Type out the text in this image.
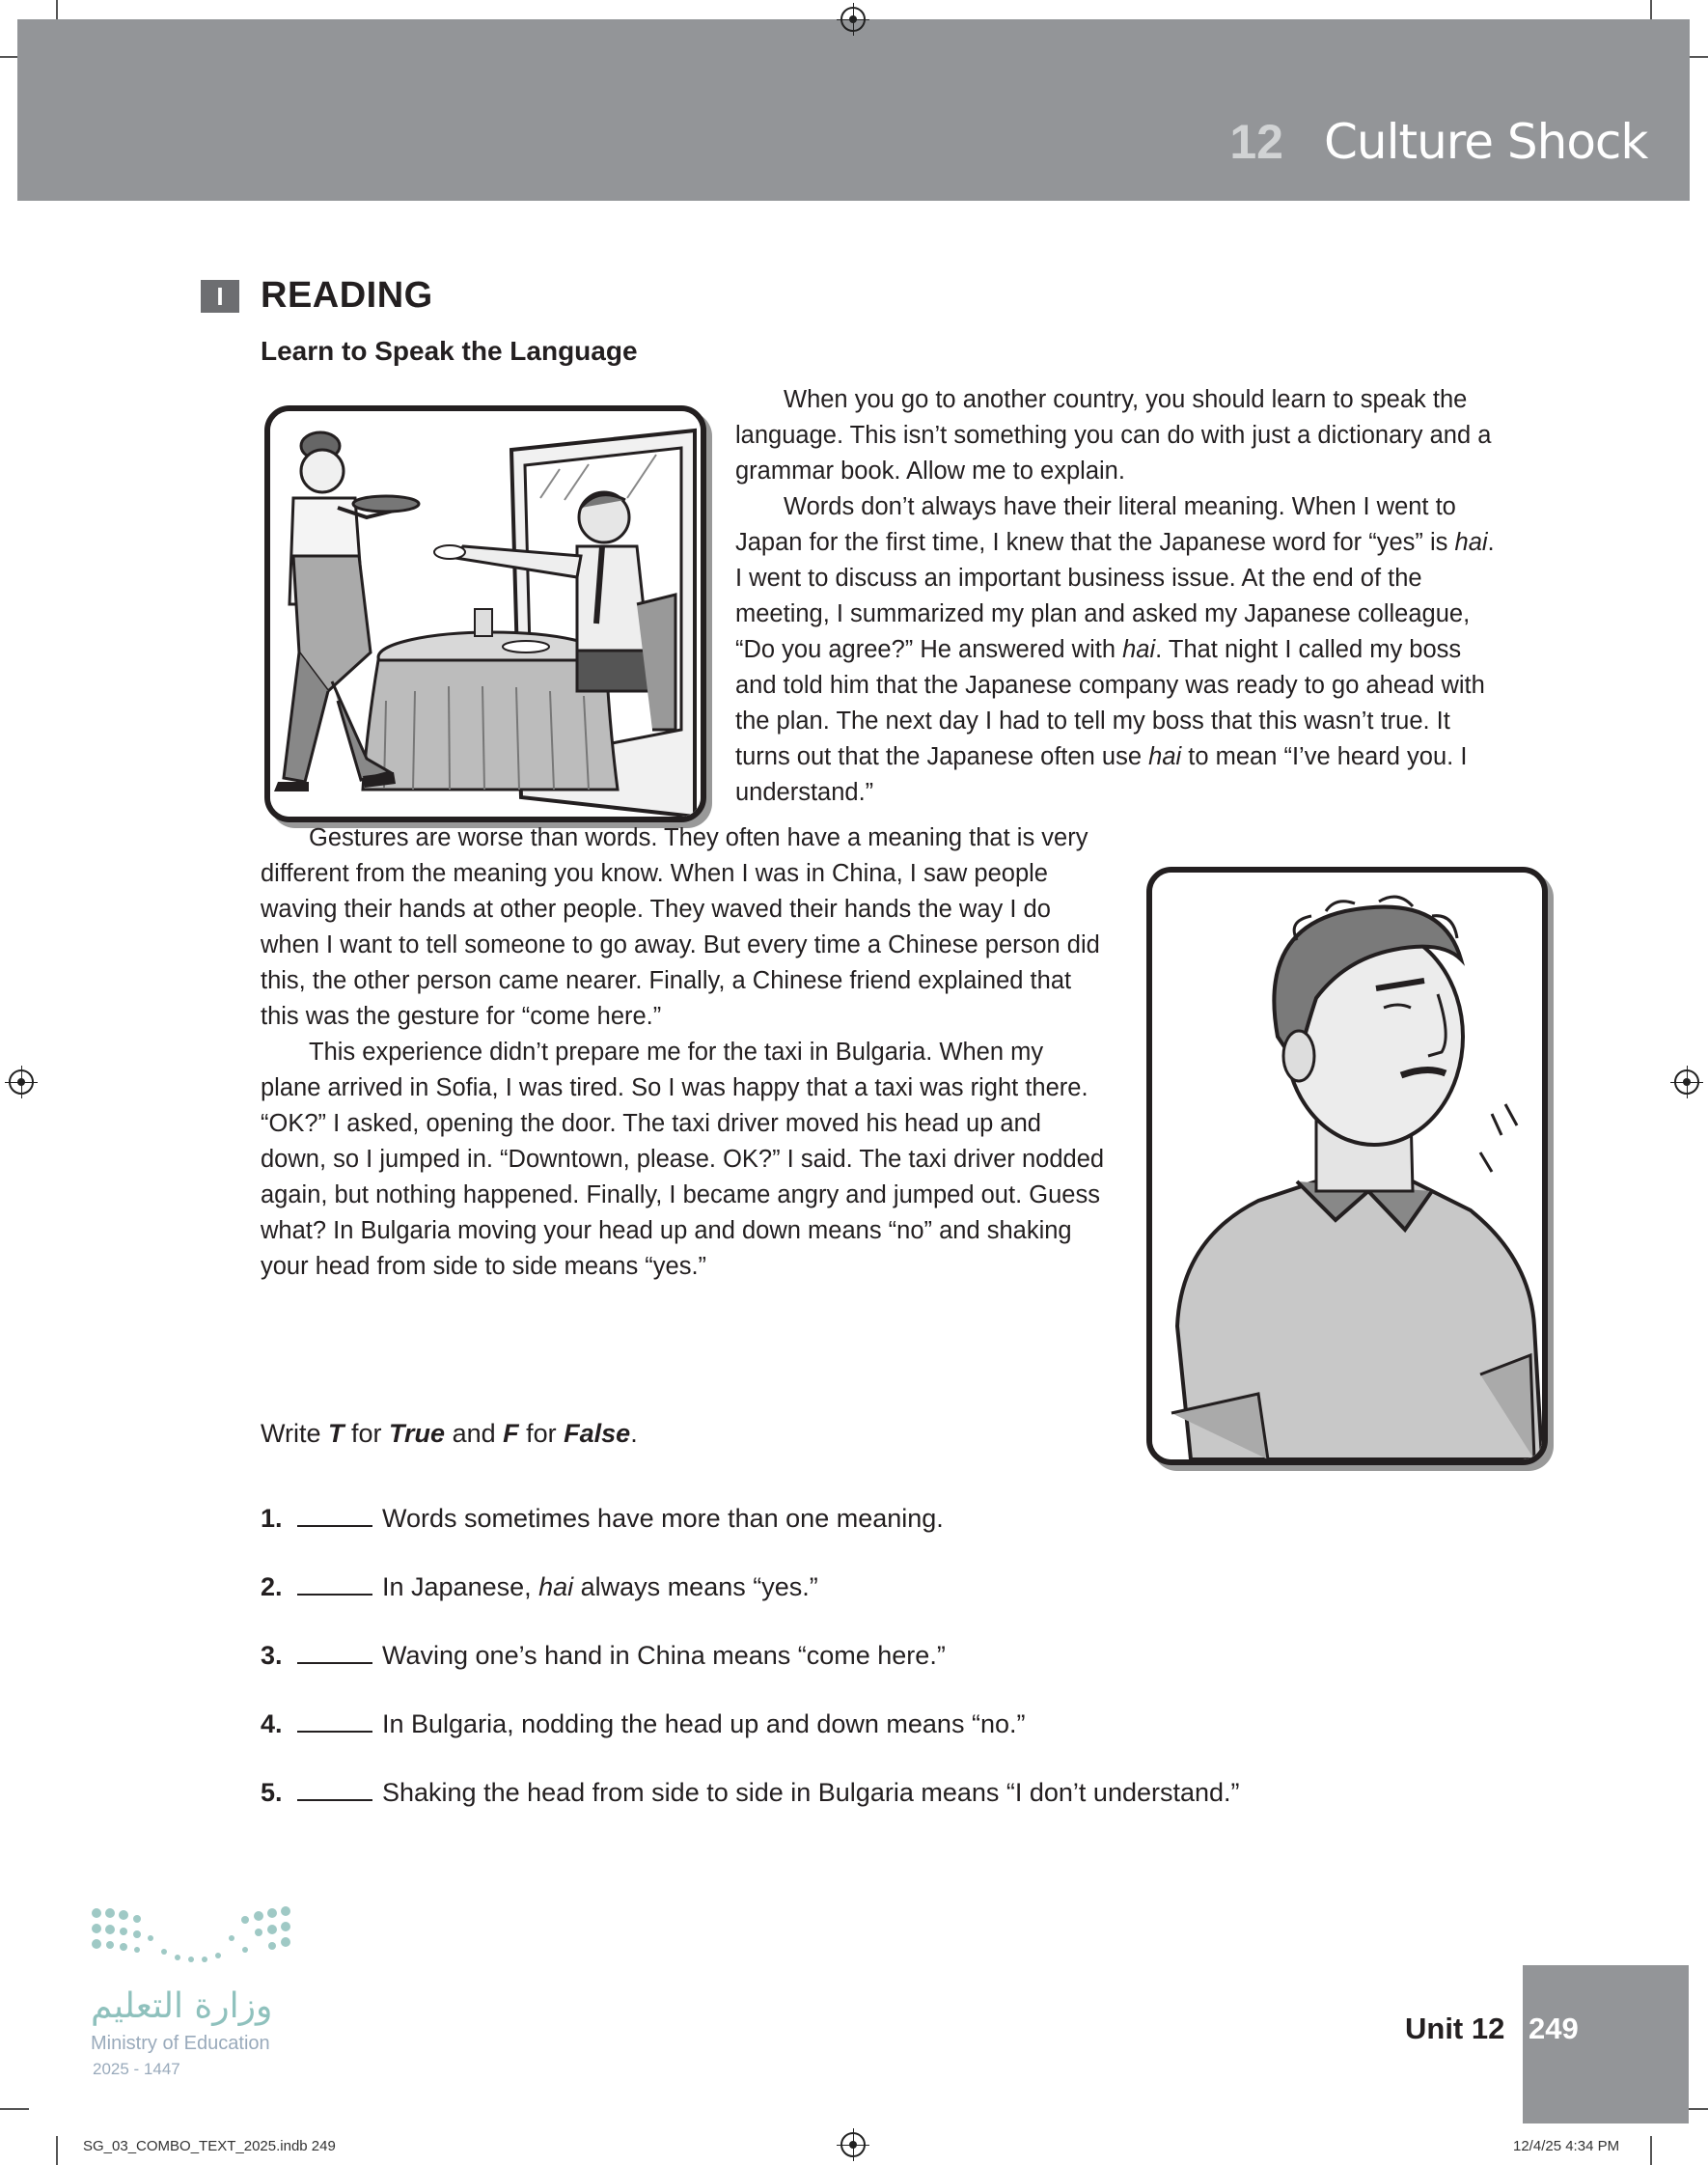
12 Culture Shock
I	READING
Learn to Speak the Language

When you go to another country, you should learn to speak the language. This isn’t something you can do with just a dictionary and a grammar book. Allow me to explain.

Words don’t always have their literal meaning. When I went to Japan for the first time, I knew that the Japanese word for “yes” is hai. I went to discuss an important business issue. At the end of the meeting, I summarized my plan and asked my Japanese colleague, “Do you agree?” He answered with hai. That night I called my boss and told him that the Japanese company was ready to go ahead with the plan. The next day I had to tell my boss that this wasn’t true. It turns out that the Japanese often use hai to mean “I’ve heard you. I understand.”

Gestures are worse than words. They often have a meaning that is very different from the meaning you know. When I was in China, I saw people waving their hands at other people. They waved their hands the way I do when I want to tell someone to go away. But every time a Chinese person did this, the other person came nearer. Finally, a Chinese friend explained that this was the gesture for “come here.”

This experience didn’t prepare me for the taxi in Bulgaria. When my plane arrived in Sofia, I was tired. So I was happy that a taxi was right there. “OK?” I asked, opening the door. The taxi driver moved his head up and down, so I jumped in. “Downtown, please. OK?” I said. The taxi driver nodded again, but nothing happened. Finally, I became angry and jumped out. Guess what? In Bulgaria moving your head up and down means “no” and shaking your head from side to side means “yes.”

Write T for True and F for False.
1.	Words sometimes have more than one meaning.
2.	In Japanese, hai always means “yes.”
3.	Waving one’s hand in China means “come here.”
4.	In Bulgaria, nodding the head up and down means “no.”
5.	Shaking the head from side to side in Bulgaria means “I don’t understand.”
وزارة التعليم
Ministry of Education
2025 - 1447
Unit 12 249
SG_03_COMBO_TEXT_2025.indb 249	12/4/25 4:34 PM
